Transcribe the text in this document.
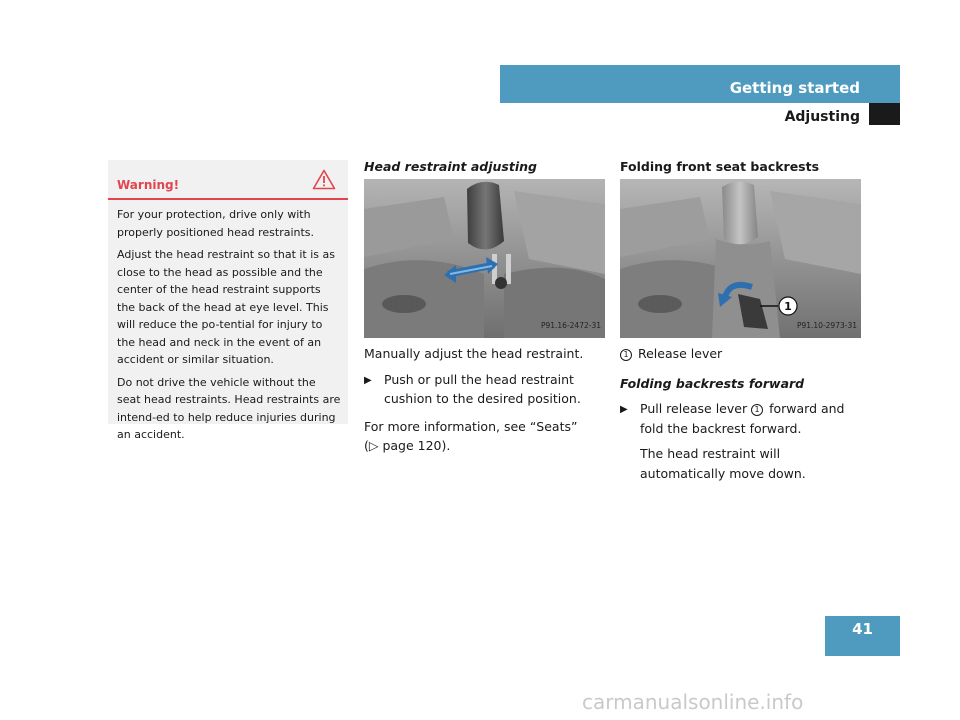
Getting started
Adjusting
Warning!

For your protection, drive only with properly positioned head restraints.

Adjust the head restraint so that it is as close to the head as possible and the center of the head restraint supports the back of the head at eye level. This will reduce the po-tential for injury to the head and neck in the event of an accident or similar situation.

Do not drive the vehicle without the seat head restraints. Head restraints are intend-ed to help reduce injuries during an accident.

Head restraint adjusting
P91.16-2472-31

Manually adjust the head restraint.

▶ Push or pull the head restraint cushion to the desired position.

For more information, see “Seats”
(▷ page 120).

Folding front seat backrests
1
P91.10-2973-31

1 Release lever

Folding backrests forward

▶ Pull release lever 1 forward and fold the backrest forward.

The head restraint will automatically move down.

41
carmanualsonline.info
